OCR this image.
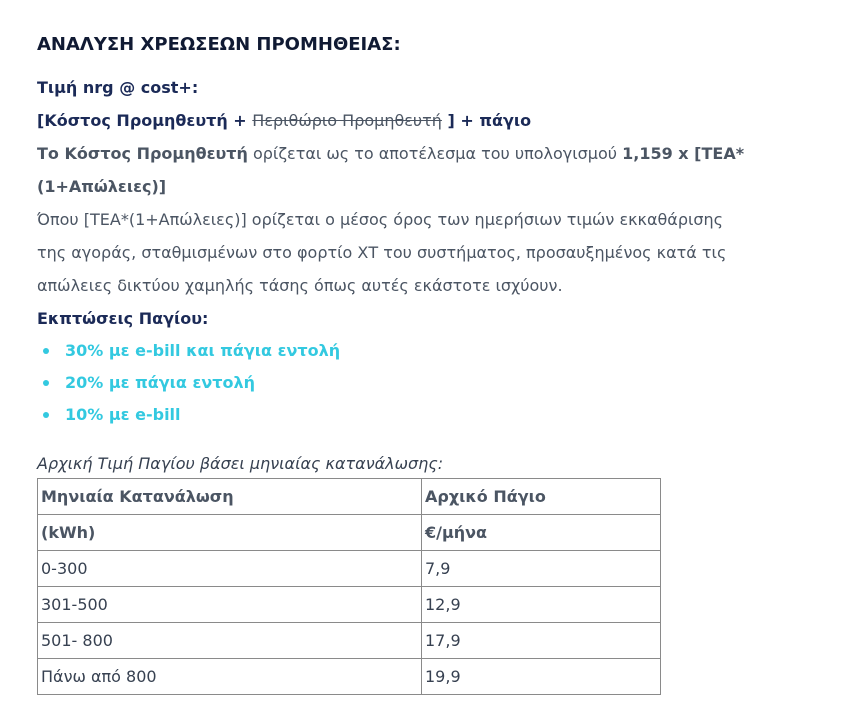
ΑΝΑΛΥΣΗ ΧΡΕΩΣΕΩΝ ΠΡΟΜΗΘΕΙΑΣ:
Τιμή nrg @ cost+:
[Κόστος Προμηθευτή + Περιθώριο Προμηθευτή ] + πάγιο
Το Κόστος Προμηθευτή ορίζεται ως το αποτέλεσμα του υπολογισμού 1,159 x [ΤΕΑ*
(1+Απώλειες)]
Όπου [ΤΕΑ*(1+Απώλειες)] ορίζεται ο μέσος όρος των ημερήσιων τιμών εκκαθάρισης
της αγοράς, σταθμισμένων στο φορτίο ΧΤ του συστήματος, προσαυξημένος κατά τις
απώλειες δικτύου χαμηλής τάσης όπως αυτές εκάστοτε ισχύουν.
Εκπτώσεις Παγίου:
30% με e-bill και πάγια εντολή
20% με πάγια εντολή
10% με e-bill
Αρχική Τιμή Παγίου βάσει μηνιαίας κατανάλωσης:
Μηνιαία Κατανάλωση	Αρχικό Πάγιο
(kWh)	€/μήνα
0-300	7,9
301-500	12,9
501- 800	17,9
Πάνω από 800	19,9
